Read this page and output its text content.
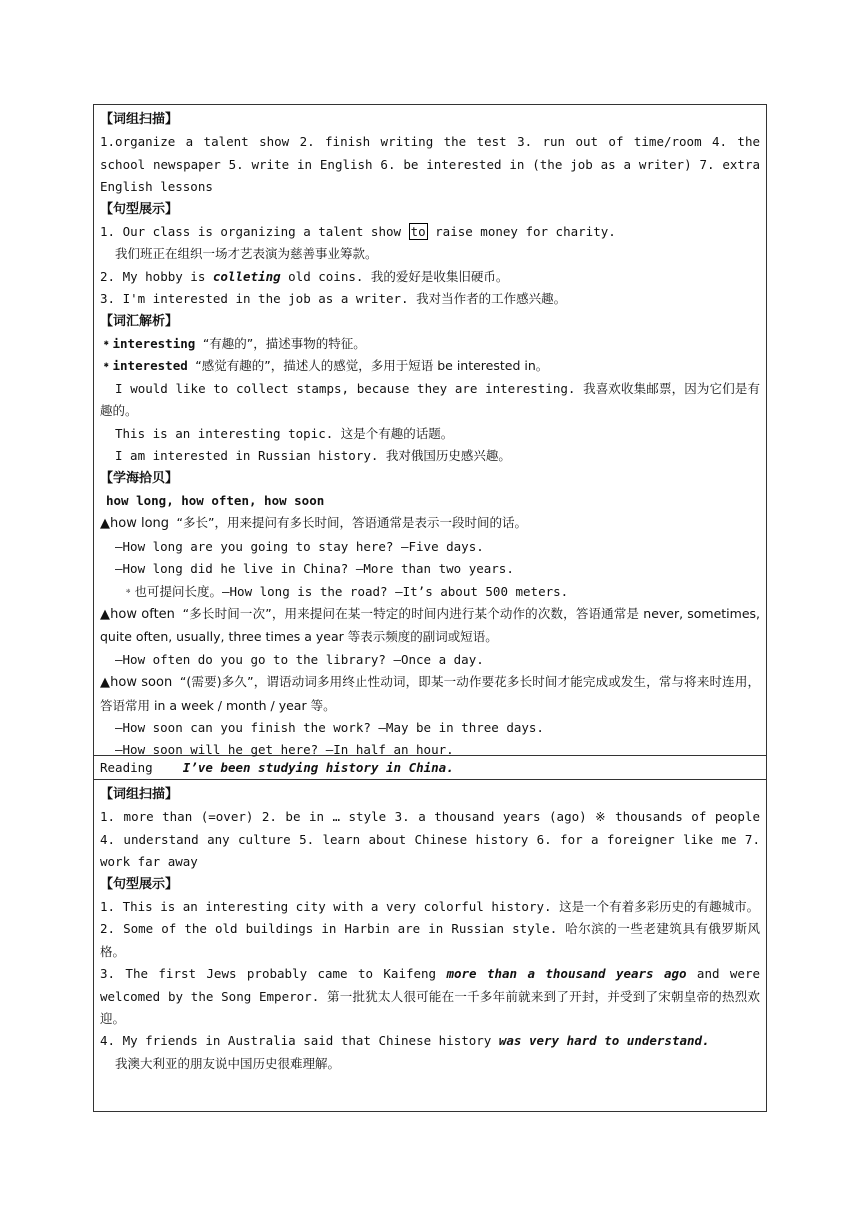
【词组扫描】
1.organize a talent show 2. finish writing the test 3. run out of time/room 4. the school newspaper 5. write in English 6. be interested in (the job as a writer) 7. extra English lessons
【句型展示】
1. Our class is organizing a talent show to raise money for charity.
我们班正在组织一场才艺表演为慈善事业筹款。
2. My hobby is colleting old coins. 我的爱好是收集旧硬币。
3. I'm interested in the job as a writer. 我对当作者的工作感兴趣。
【词汇解析】
﹡interesting “有趣的”，描述事物的特征。
﹡interested “感觉有趣的”，描述人的感觉，多用于短语 be interested in。
I would like to collect stamps, because they are interesting. 我喜欢收集邮票，因为它们是有趣的。
This is an interesting topic. 这是个有趣的话题。
I am interested in Russian history. 我对俄国历史感兴趣。
【学海拾贝】
how long, how often, how soon
▲how long “多长”，用来提问有多长时间，答语通常是表示一段时间的话。
—How long are you going to stay here? —Five days.
—How long did he live in China? —More than two years.
﹡也可提问长度。—How long is the road? —It’s about 500 meters.
▲how often “多长时间一次”，用来提问在某一特定的时间内进行某个动作的次数，答语通常是 never, sometimes, quite often, usually, three times a year 等表示频度的副词或短语。
—How often do you go to the library? —Once a day.
▲how soon “(需要)多久”，谓语动词多用终止性动词，即某一动作要花多长时间才能完成或发生，常与将来时连用，答语常用 in a week / month / year 等。
—How soon can you finish the work? —May be in three days.
—How soon will he get here? —In half an hour.
Reading I’ve been studying history in China.
【词组扫描】
1. more than (=over) 2. be in … style 3. a thousand years (ago) ※ thousands of people 4. understand any culture 5. learn about Chinese history 6. for a foreigner like me 7. work far away
【句型展示】
1. This is an interesting city with a very colorful history. 这是一个有着多彩历史的有趣城市。
2. Some of the old buildings in Harbin are in Russian style. 哈尔滨的一些老建筑具有俄罗斯风格。
3. The first Jews probably came to Kaifeng more than a thousand years ago and were welcomed by the Song Emperor. 第一批犹太人很可能在一千多年前就来到了开封，并受到了宋朝皇帝的热烈欢迎。
4. My friends in Australia said that Chinese history was very hard to understand.
我澳大利亚的朋友说中国历史很难理解。
